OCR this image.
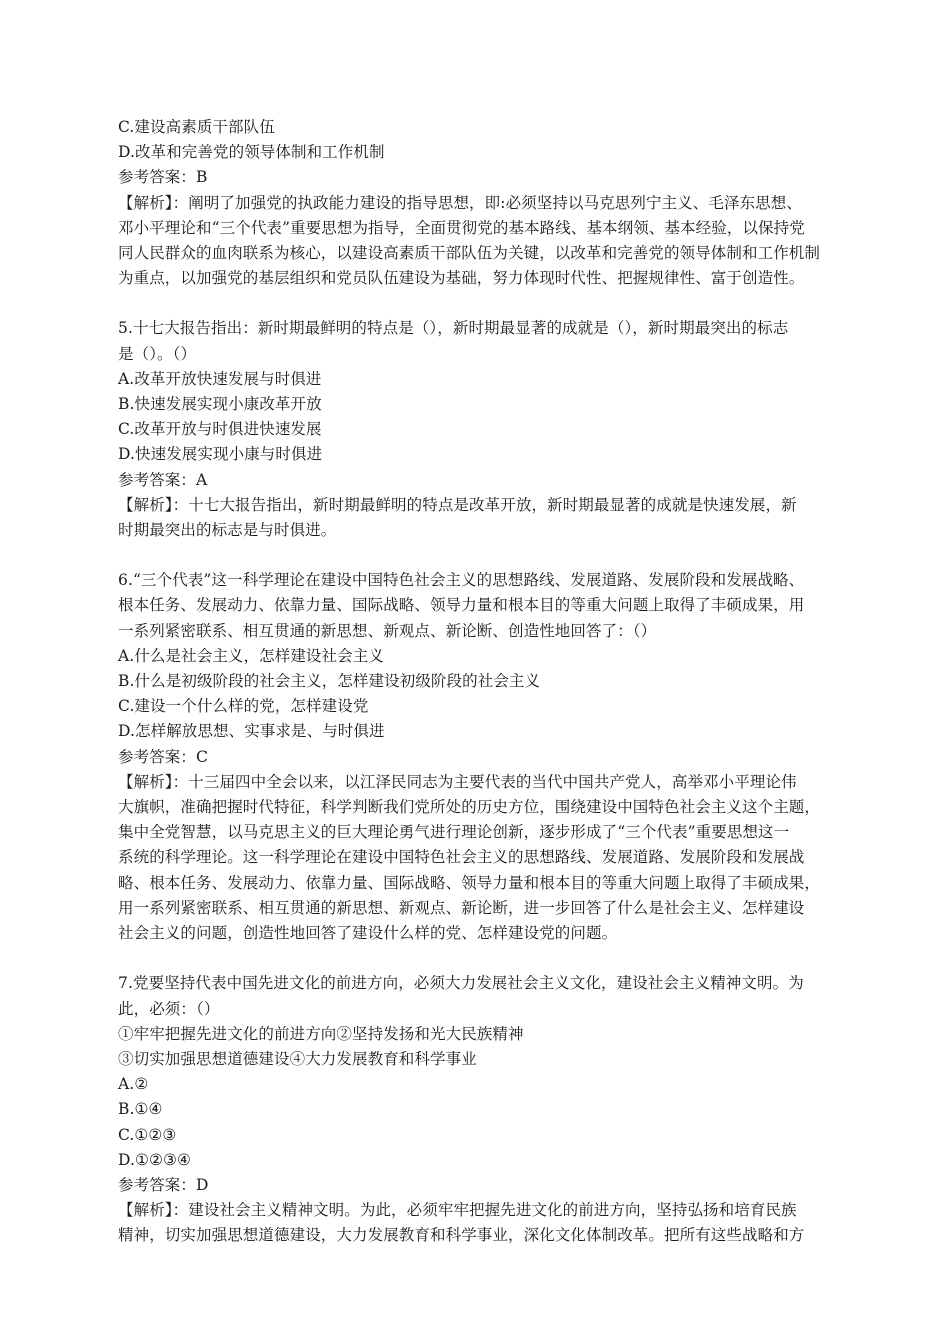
C.建设高素质干部队伍
D.改革和完善党的领导体制和工作机制
参考答案：B
【解析】：阐明了加强党的执政能力建设的指导思想，即:必须坚持以马克思列宁主义、毛泽东思想、
邓小平理论和“三个代表”重要思想为指导，全面贯彻党的基本路线、基本纲领、基本经验，以保持党
同人民群众的血肉联系为核心，以建设高素质干部队伍为关键，以改革和完善党的领导体制和工作机制
为重点，以加强党的基层组织和党员队伍建设为基础，努力体现时代性、把握规律性、富于创造性。
5.十七大报告指出：新时期最鲜明的特点是（），新时期最显著的成就是（），新时期最突出的标志
是（）。（）
A.改革开放快速发展与时俱进
B.快速发展实现小康改革开放
C.改革开放与时俱进快速发展
D.快速发展实现小康与时俱进
参考答案：A
【解析】：十七大报告指出，新时期最鲜明的特点是改革开放，新时期最显著的成就是快速发展，新
时期最突出的标志是与时俱进。
6.“三个代表”这一科学理论在建设中国特色社会主义的思想路线、发展道路、发展阶段和发展战略、
根本任务、发展动力、依靠力量、国际战略、领导力量和根本目的等重大问题上取得了丰硕成果，用
一系列紧密联系、相互贯通的新思想、新观点、新论断、创造性地回答了：（）
A.什么是社会主义，怎样建设社会主义
B.什么是初级阶段的社会主义，怎样建设初级阶段的社会主义
C.建设一个什么样的党，怎样建设党
D.怎样解放思想、实事求是、与时俱进
参考答案：C
【解析】：十三届四中全会以来，以江泽民同志为主要代表的当代中国共产党人，高举邓小平理论伟
大旗帜，准确把握时代特征，科学判断我们党所处的历史方位，围绕建设中国特色社会主义这个主题，
集中全党智慧，以马克思主义的巨大理论勇气进行理论创新，逐步形成了“三个代表”重要思想这一
系统的科学理论。这一科学理论在建设中国特色社会主义的思想路线、发展道路、发展阶段和发展战
略、根本任务、发展动力、依靠力量、国际战略、领导力量和根本目的等重大问题上取得了丰硕成果，
用一系列紧密联系、相互贯通的新思想、新观点、新论断，进一步回答了什么是社会主义、怎样建设
社会主义的问题，创造性地回答了建设什么样的党、怎样建设党的问题。
7.党要坚持代表中国先进文化的前进方向，必须大力发展社会主义文化，建设社会主义精神文明。为
此，必须：（）
①牢牢把握先进文化的前进方向②坚持发扬和光大民族精神
③切实加强思想道德建设④大力发展教育和科学事业
A.②
B.①④
C.①②③
D.①②③④
参考答案：D
【解析】：建设社会主义精神文明。为此，必须牢牢把握先进文化的前进方向，坚持弘扬和培育民族
精神，切实加强思想道德建设，大力发展教育和科学事业，深化文化体制改革。把所有这些战略和方
